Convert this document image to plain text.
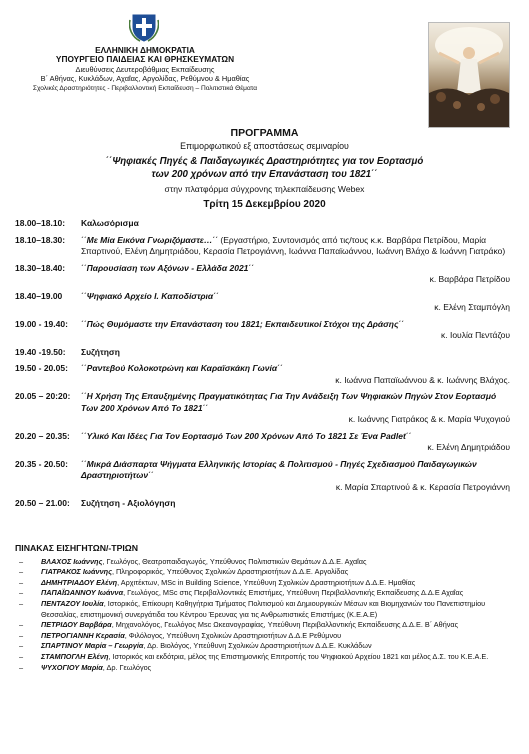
ΕΛΛΗΝΙΚΗ ΔΗΜΟΚΡΑΤΙΑ
ΥΠΟΥΡΓΕΙΟ ΠΑΙΔΕΙΑΣ ΚΑΙ ΘΡΗΣΚΕΥΜΑΤΩΝ
Διευθύνσεις Δευτεροβάθμιας Εκπαίδευσης
Β΄ Αθήνας, Κυκλάδων, Αχαΐας, Αργολίδας, Ρεθύμνου & Ημαθίας
Σχολικές Δραστηριότητες - Περιβαλλοντική Εκπαίδευση – Πολιτιστικά Θέματα
ΠΡΟΓΡΑΜΜΑ
Επιμορφωτικού εξ αποστάσεως σεμιναρίου
΄΄Ψηφιακές Πηγές & Παιδαγωγικές Δραστηριότητες για τον Εορτασμό
των 200 χρόνων από την Επανάσταση του 1821΄΄
στην πλατφόρμα σύγχρονης τηλεκπαίδευσης Webex
Τρίτη 15 Δεκεμβρίου 2020
18.00–18.10:	Καλωσόρισμα
18.10–18.30:	΄΄Με Μία Εικόνα Γνωριζόμαστε…΄΄ (Εργαστήριο, Συντονισμός από τις/τους κ.κ. Βαρβάρα Πετρίδου, Μαρία Σπαρτινού, Ελένη Δημητριάδου, Κερασία Πετρογιάννη, Ιωάννα Παπαϊωάννου, Ιωάννη Βλάχο & Ιωάννη Γιατράκο)
18.30–18.40:	΄΄Παρουσίαση των Αξόνων - Ελλάδα 2021΄΄
κ. Βαρβάρα Πετρίδου
18.40–19.00	΄΄Ψηφιακό Αρχείο Ι. Καποδίστρια΄΄
κ. Ελένη Σταμπόγλη
19.00 - 19.40:	΄΄Πώς Θυμόμαστε την Επανάσταση του 1821; Εκπαιδευτικοί Στόχοι της Δράσης΄΄
κ. Ιουλία Πεντάζου
19.40 -19.50:	Συζήτηση
19.50 - 20.05:	΄΄Ραντεβού Κολοκοτρώνη και Καραϊσκάκη Γωνία΄΄
κ. Ιωάννα Παπαϊωάννου & κ. Ιωάννης Βλάχος.
20.05 – 20:20:	΄΄Η Χρήση Της Επαυξημένης Πραγματικότητας Για Την Ανάδειξη Των Ψηφιακών Πηγών Στον Εορτασμό Των 200 Χρόνων Από Το 1821΄΄
κ. Ιωάννης Γιατράκος & κ. Μαρία Ψυχογιού
20.20 – 20.35:	΄΄Υλικό Και Ιδέες Για Τον Εορτασμό Των 200 Χρόνων Από Το 1821 Σε Ένα Padlet΄΄
κ. Ελένη Δημητριάδου
20.35 - 20.50:	΄΄Μικρά Διάσπαρτα Ψήγματα Ελληνικής Ιστορίας & Πολιτισμού - Πηγές Σχεδιασμού Παιδαγωγικών Δραστηριοτήτων΄΄
κ. Μαρία Σπαρτινού & κ. Κερασία Πετρογιάννη
20.50 – 21.00:	Συζήτηση - Αξιολόγηση
ΠΙΝΑΚΑΣ ΕΙΣΗΓΗΤΩΝ/-ΤΡΙΩΝ
–	ΒΛΑΧΟΣ Ιωάννης, Γεωλόγος, Θεατροπαιδαγωγός, Υπεύθυνος Πολιτιστικών Θεμάτων Δ.Δ.Ε. Αχαΐας
–	ΓΙΑΤΡΑΚΟΣ Ιωάννης, Πληροφορικός, Υπεύθυνος Σχολικών Δραστηριοτήτων Δ.Δ.Ε. Αργολίδας
–	ΔΗΜΗΤΡΙΑΔΟΥ Ελένη, Αρχιτέκτων, MSc in Building Science, Υπεύθυνη Σχολικών Δραστηριοτήτων Δ.Δ.Ε. Ημαθίας
–	ΠΑΠΑΪΩΑΝΝΟΥ Ιωάννα, Γεωλόγος, MSc στις Περιβαλλοντικές Επιστήμες, Υπεύθυνη Περιβαλλοντικής Εκπαίδευσης Δ.Δ.Ε Αχαΐας
–	ΠΕΝΤΑΖΟΥ Ιουλία, Ιστορικός, Επίκουρη Καθηγήτρια Τμήματος Πολιτισμού και Δημιουργικών Μέσων και Βιομηχανιών του Πανεπιστημίου Θεσσαλίας, επιστημονική συνεργάτιδα του Κέντρου Έρευνας για τις Ανθρωπιστικές Επιστήμες (Κ.Ε.Α.Ε)
–	ΠΕΤΡΙΔΟΥ Βαρβάρα, Μηχανολόγος, Γεωλόγος Msc Ωκεανογραφίας, Υπεύθυνη Περιβαλλοντικής Εκπαίδευσης Δ.Δ.Ε. Β΄ Αθήνας
–	ΠΕΤΡΟΓΙΑΝΝΗ Κερασία, Φιλόλογος, Υπεύθυνη Σχολικών Δραστηριοτήτων Δ.Δ.Ε Ρεθύμνου
–	ΣΠΑΡΤΙΝΟΥ Μαρία – Γεωργία, Δρ. Βιολόγος, Υπεύθυνη Σχολικών Δραστηριοτήτων Δ.Δ.Ε. Κυκλάδων
–	ΣΤΑΜΠΟΓΛΗ Ελένη, Ιστορικός και εκδότρια, μέλος της Επιστημονικής Επιτροπής του Ψηφιακού Αρχείου 1821 και μέλος Δ.Σ. του Κ.Ε.Α.Ε.
–	ΨΥΧΟΓΙΟΥ Μαρία, Δρ. Γεωλόγος
